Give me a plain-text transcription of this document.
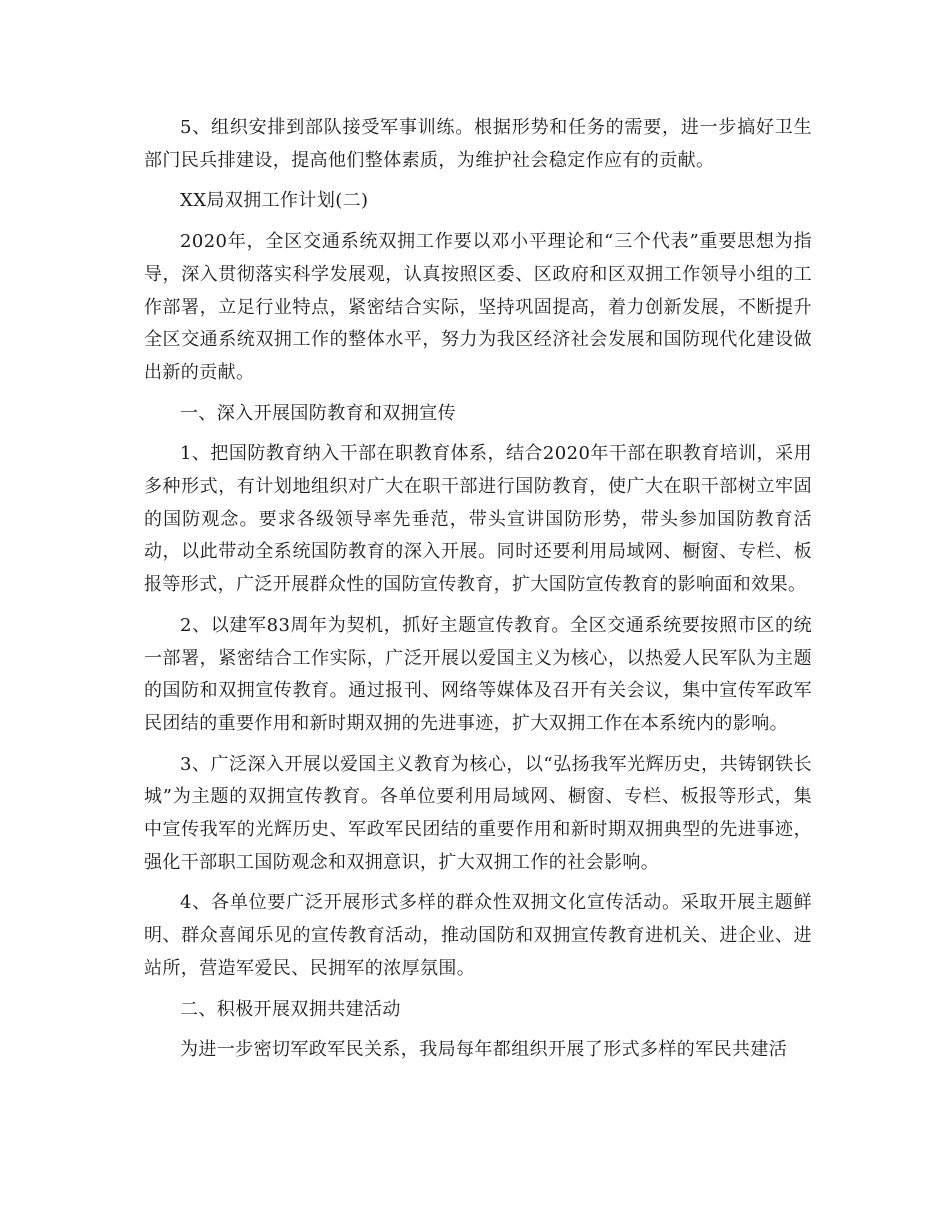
5、组织安排到部队接受军事训练。根据形势和任务的需要，进一步搞好卫生部门民兵排建设，提高他们整体素质，为维护社会稳定作应有的贡献。

XX局双拥工作计划(二)

2020年，全区交通系统双拥工作要以邓小平理论和“三个代表”重要思想为指导，深入贯彻落实科学发展观，认真按照区委、区政府和区双拥工作领导小组的工作部署，立足行业特点，紧密结合实际，坚持巩固提高，着力创新发展，不断提升全区交通系统双拥工作的整体水平，努力为我区经济社会发展和国防现代化建设做出新的贡献。

一、深入开展国防教育和双拥宣传

1、把国防教育纳入干部在职教育体系，结合2020年干部在职教育培训，采用多种形式，有计划地组织对广大在职干部进行国防教育，使广大在职干部树立牢固的国防观念。要求各级领导率先垂范，带头宣讲国防形势，带头参加国防教育活动，以此带动全系统国防教育的深入开展。同时还要利用局域网、橱窗、专栏、板报等形式，广泛开展群众性的国防宣传教育，扩大国防宣传教育的影响面和效果。

2、以建军83周年为契机，抓好主题宣传教育。全区交通系统要按照市区的统一部署，紧密结合工作实际，广泛开展以爱国主义为核心，以热爱人民军队为主题的国防和双拥宣传教育。通过报刊、网络等媒体及召开有关会议，集中宣传军政军民团结的重要作用和新时期双拥的先进事迹，扩大双拥工作在本系统内的影响。

3、广泛深入开展以爱国主义教育为核心，以“弘扬我军光辉历史，共铸钢铁长城”为主题的双拥宣传教育。各单位要利用局域网、橱窗、专栏、板报等形式，集中宣传我军的光辉历史、军政军民团结的重要作用和新时期双拥典型的先进事迹，强化干部职工国防观念和双拥意识，扩大双拥工作的社会影响。

4、各单位要广泛开展形式多样的群众性双拥文化宣传活动。采取开展主题鲜明、群众喜闻乐见的宣传教育活动，推动国防和双拥宣传教育进机关、进企业、进站所，营造军爱民、民拥军的浓厚氛围。

二、积极开展双拥共建活动

为进一步密切军政军民关系，我局每年都组织开展了形式多样的军民共建活
